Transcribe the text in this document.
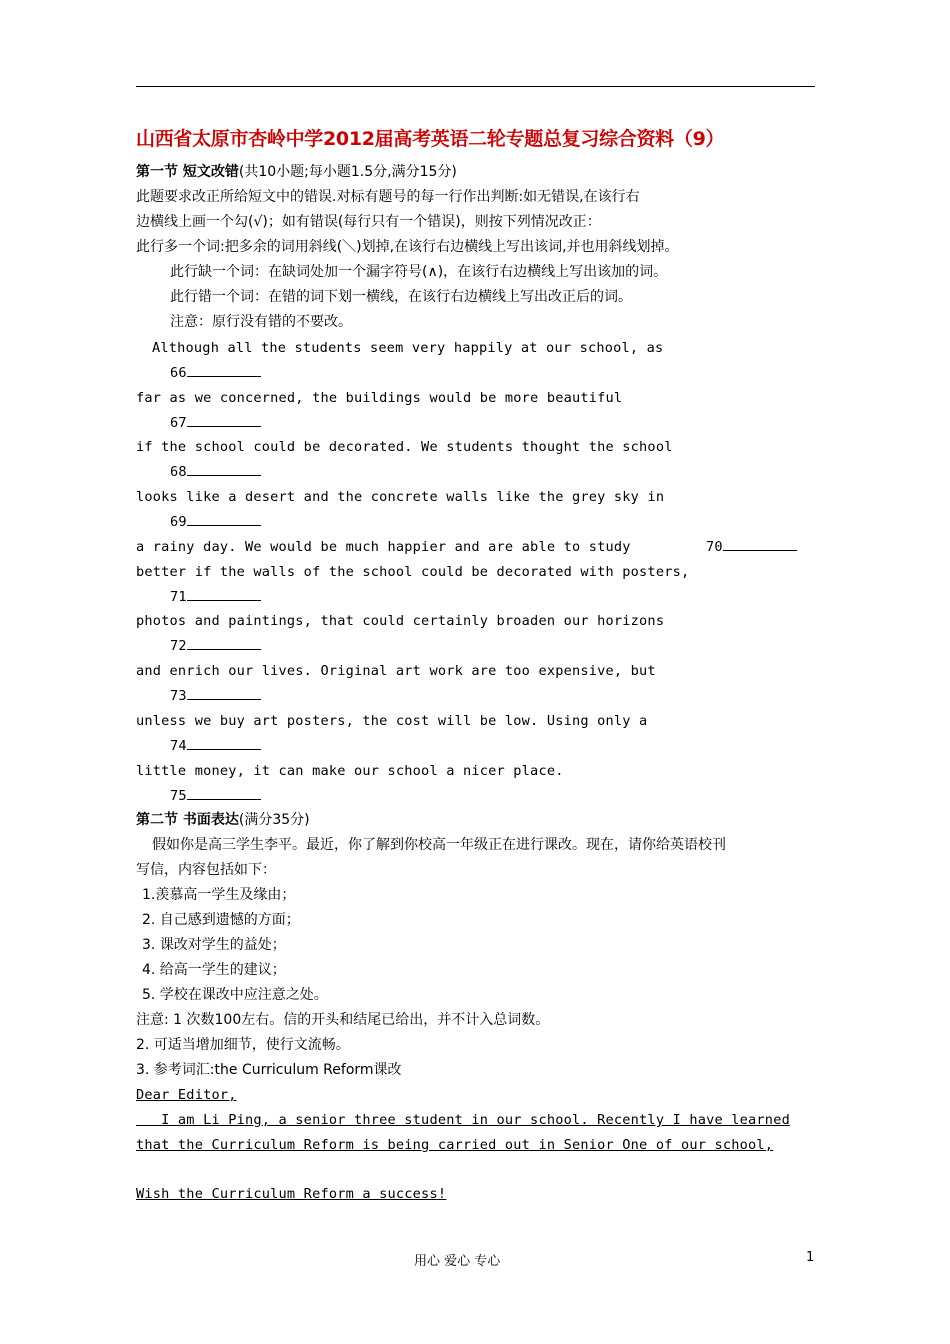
山西省太原市杏岭中学2012届高考英语二轮专题总复习综合资料（9）
第一节 短文改错(共10小题;每小题1.5分,满分15分)
此题要求改正所给短文中的错误.对标有题号的每一行作出判断:如无错误,在该行右
边横线上画一个勾(√)；如有错误(每行只有一个错误)，则按下列情况改正：
此行多一个词:把多余的词用斜线(＼)划掉,在该行右边横线上写出该词,并也用斜线划掉。
此行缺一个词：在缺词处加一个漏字符号(∧)，在该行右边横线上写出该加的词。
此行错一个词：在错的词下划一横线，在该行右边横线上写出改正后的词。
注意：原行没有错的不要改。
Although all the students seem very happily at our school, as
66
far as we concerned, the buildings would be more beautiful
67
if the school could be decorated. We students thought the school
68
looks like a desert and the concrete walls like the grey sky in
69
a rainy day. We would be much happier and are able to study	70
better if the walls of the school could be decorated with posters,
71
photos and paintings, that could certainly broaden our horizons
72
and enrich our lives. Original art work are too expensive, but
73
unless we buy art posters, the cost will be low. Using only a
74
little money, it can make our school a nicer place.
75
第二节 书面表达(满分35分)
假如你是高三学生李平。最近，你了解到你校高一年级正在进行课改。现在，请你给英语校刊
写信，内容包括如下：
1.羡慕高一学生及缘由；
2. 自己感到遗憾的方面；
3. 课改对学生的益处；
4. 给高一学生的建议；
5. 学校在课改中应注意之处。
注意: 1 次数100左右。信的开头和结尾已给出，并不计入总词数。
2. 可适当增加细节，使行文流畅。
3. 参考词汇:the Curriculum Reform课改
Dear Editor,
I am Li Ping, a senior three student in our school. Recently I have learned
that the Curriculum Reform is being carried out in Senior One of our school,
Wish the Curriculum Reform a success!
用心 爱心 专心	1
